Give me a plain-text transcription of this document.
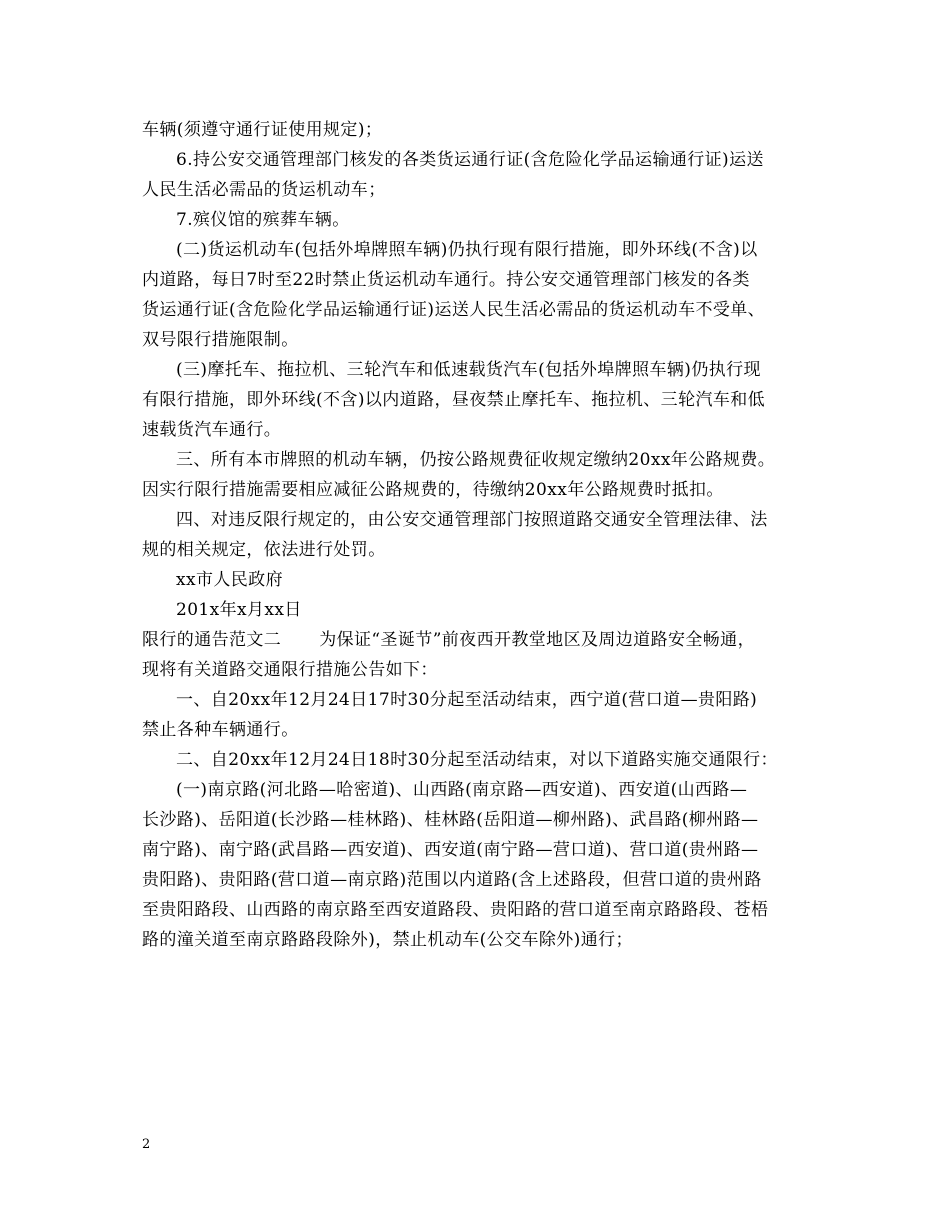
车辆(须遵守通行证使用规定)；
6.持公安交通管理部门核发的各类货运通行证(含危险化学品运输通行证)运送
人民生活必需品的货运机动车；
7.殡仪馆的殡葬车辆。
(二)货运机动车(包括外埠牌照车辆)仍执行现有限行措施，即外环线(不含)以
内道路，每日7时至22时禁止货运机动车通行。持公安交通管理部门核发的各类
货运通行证(含危险化学品运输通行证)运送人民生活必需品的货运机动车不受单、
双号限行措施限制。
(三)摩托车、拖拉机、三轮汽车和低速载货汽车(包括外埠牌照车辆)仍执行现
有限行措施，即外环线(不含)以内道路，昼夜禁止摩托车、拖拉机、三轮汽车和低
速载货汽车通行。
三、所有本市牌照的机动车辆，仍按公路规费征收规定缴纳20xx年公路规费。
因实行限行措施需要相应减征公路规费的，待缴纳20xx年公路规费时抵扣。
四、对违反限行规定的，由公安交通管理部门按照道路交通安全管理法律、法
规的相关规定，依法进行处罚。
xx市人民政府
201x年x月xx日
限行的通告范文二 为保证“圣诞节”前夜西开教堂地区及周边道路安全畅通，
现将有关道路交通限行措施公告如下：
一、自20xx年12月24日17时30分起至活动结束，西宁道(营口道—贵阳路)
禁止各种车辆通行。
二、自20xx年12月24日18时30分起至活动结束，对以下道路实施交通限行：
(一)南京路(河北路—哈密道)、山西路(南京路—西安道)、西安道(山西路—
长沙路)、岳阳道(长沙路—桂林路)、桂林路(岳阳道—柳州路)、武昌路(柳州路—
南宁路)、南宁路(武昌路—西安道)、西安道(南宁路—营口道)、营口道(贵州路—
贵阳路)、贵阳路(营口道—南京路)范围以内道路(含上述路段，但营口道的贵州路
至贵阳路段、山西路的南京路至西安道路段、贵阳路的营口道至南京路路段、苍梧
路的潼关道至南京路路段除外)，禁止机动车(公交车除外)通行；
2
